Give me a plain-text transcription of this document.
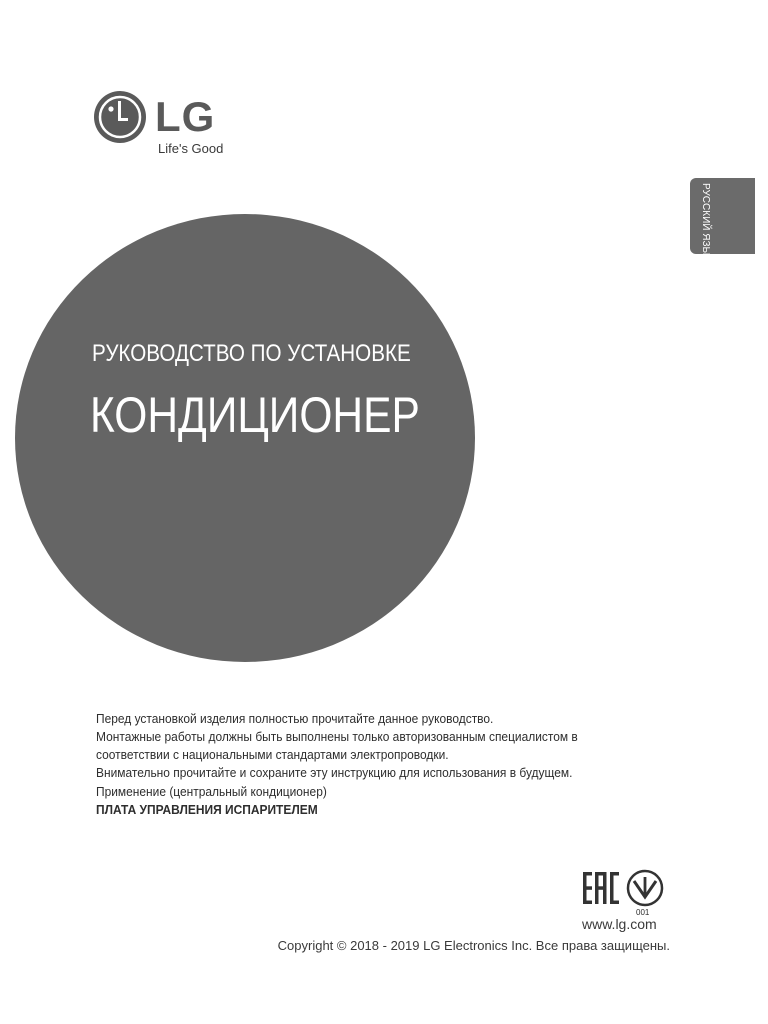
LG
Life's Good
РУССКИЙ ЯЗЫК
РУКОВОДСТВО ПО УСТАНОВКЕ
КОНДИЦИОНЕР

Перед установкой изделия полностью прочитайте данное руководство.

Монтажные работы должны быть выполнены только авторизованным специалистом в

соответствии с национальными стандартами электропроводки.

Внимательно прочитайте и сохраните эту инструкцию для использования в будущем.

Применение (центральный кондиционер)
ПЛАТА УПРАВЛЕНИЯ ИСПАРИТЕЛЕМ
001
www.lg.com
Copyright © 2018 - 2019 LG Electronics Inc. Все права защищены.
